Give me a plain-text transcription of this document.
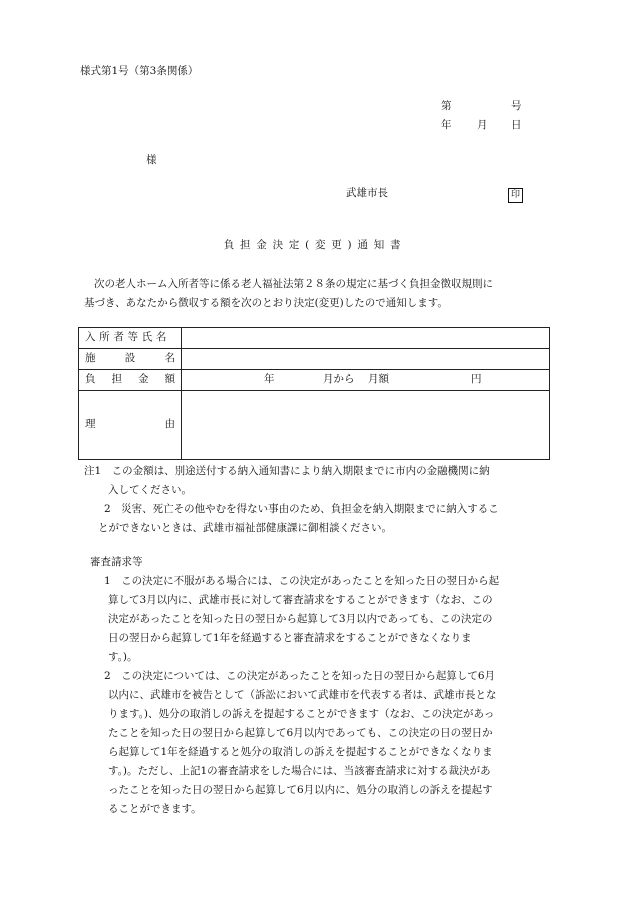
様式第1号（第3条関係）
第	号
年 月 日
様
武雄市長	印
負担金決定(変更)通知書
次の老人ホーム入所者等に係る老人福祉法第２８条の規定に基づく負担金徴収規則に
基づき、あなたから徴収する額を次のとおり決定(変更)したので通知します。
入所者等氏名	

施 設 名	

負 担 金 額	年 月から 月額 円

理 由	

注1　この金額は、別途送付する納入通知書により納入期限までに市内の金融機関に納
入してください。
2　災害、死亡その他やむを得ない事由のため、負担金を納入期限までに納入するこ
とができないときは、武雄市福祉部健康課に御相談ください。
審査請求等
1　この決定に不服がある場合には、この決定があったことを知った日の翌日から起
算して3月以内に、武雄市長に対して審査請求をすることができます（なお、この
決定があったことを知った日の翌日から起算して3月以内であっても、この決定の
日の翌日から起算して1年を経過すると審査請求をすることができなくなりま
す。)。
2　この決定については、この決定があったことを知った日の翌日から起算して6月
以内に、武雄市を被告として（訴訟において武雄市を代表する者は、武雄市長とな
ります。)、処分の取消しの訴えを提起することができます（なお、この決定があっ
たことを知った日の翌日から起算して6月以内であっても、この決定の日の翌日か
ら起算して1年を経過すると処分の取消しの訴えを提起することができなくなりま
す。)。ただし、上記1の審査請求をした場合には、当該審査請求に対する裁決があ
ったことを知った日の翌日から起算して6月以内に、処分の取消しの訴えを提起す
ることができます。
